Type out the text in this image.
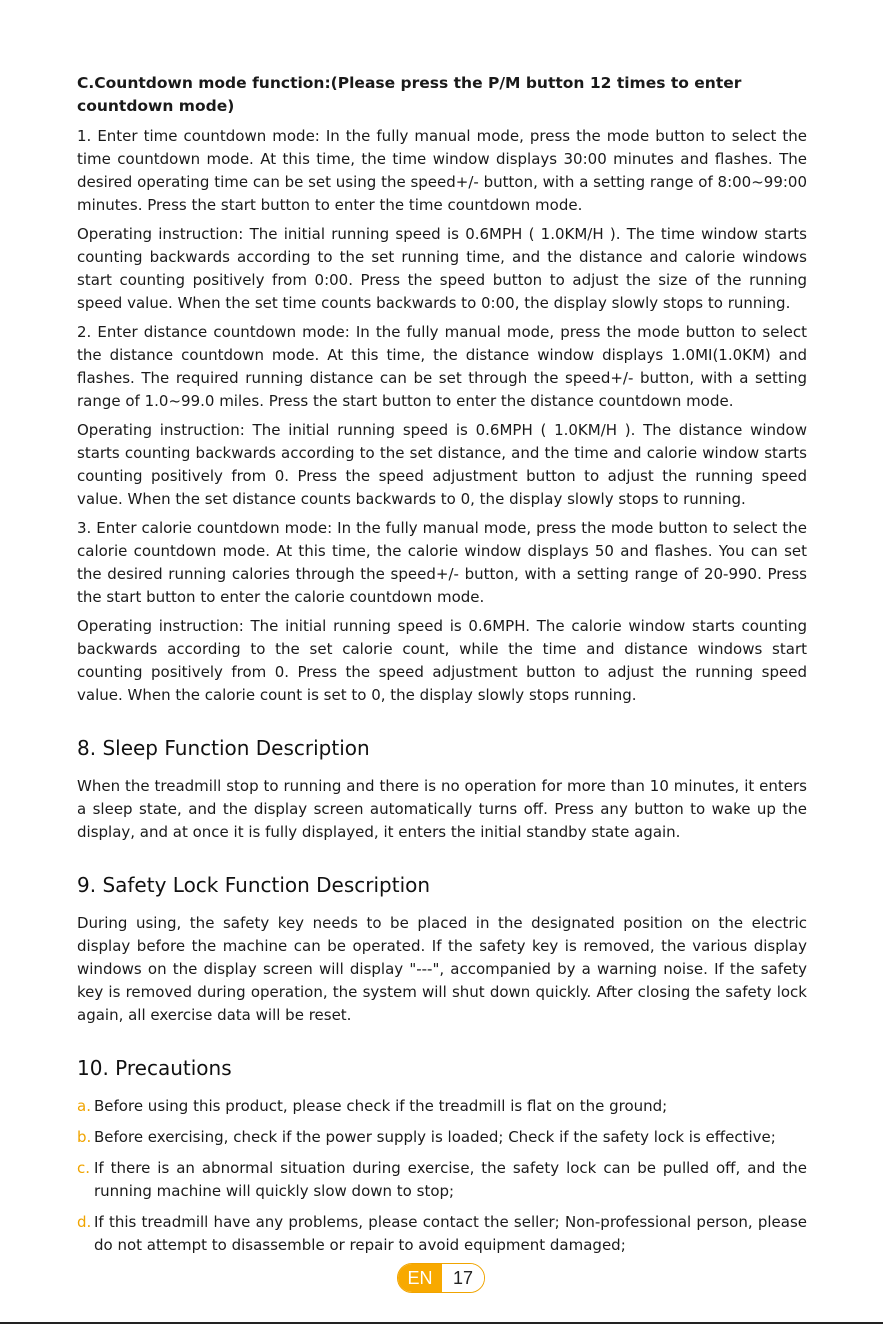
C.Countdown mode function:(Please press the P/M button 12 times to enter countdown mode)

1. Enter time countdown mode: In the fully manual mode, press the mode button to select the time countdown mode. At this time, the time window displays 30:00 minutes and flashes. The desired operating time can be set using the speed+/- button, with a setting range of 8:00~99:00 minutes. Press the start button to enter the time countdown mode.

Operating instruction: The initial running speed is 0.6MPH ( 1.0KM/H ). The time window starts counting backwards according to the set running time, and the distance and calorie windows start counting positively from 0:00. Press the speed button to adjust the size of the running speed value. When the set time counts backwards to 0:00, the display slowly stops to running.

2. Enter distance countdown mode: In the fully manual mode, press the mode button to select the distance countdown mode. At this time, the distance window displays 1.0MI(1.0KM) and flashes. The required running distance can be set through the speed+/- button, with a setting range of 1.0~99.0 miles. Press the start button to enter the distance countdown mode.

Operating instruction: The initial running speed is 0.6MPH ( 1.0KM/H ). The distance window starts counting backwards according to the set distance, and the time and calorie window starts counting positively from 0. Press the speed adjustment button to adjust the running speed value. When the set distance counts backwards to 0, the display slowly stops to running.

3. Enter calorie countdown mode: In the fully manual mode, press the mode button to select the calorie countdown mode. At this time, the calorie window displays 50 and flashes. You can set the desired running calories through the speed+/- button, with a setting range of 20-990. Press the start button to enter the calorie countdown mode.

Operating instruction: The initial running speed is 0.6MPH. The calorie window starts counting backwards according to the set calorie count, while the time and distance windows start counting positively from 0. Press the speed adjustment button to adjust the running speed value. When the calorie count is set to 0, the display slowly stops running.

8. Sleep Function Description

When the treadmill stop to running and there is no operation for more than 10 minutes, it enters a sleep state, and the display screen automatically turns off. Press any button to wake up the display, and at once it is fully displayed, it enters the initial standby state again.

9. Safety Lock Function Description

During using, the safety key needs to be placed in the designated position on the electric display before the machine can be operated. If the safety key is removed, the various display windows on the display screen will display "---", accompanied by a warning noise. If the safety key is removed during operation, the system will shut down quickly. After closing the safety lock again, all exercise data will be reset.

10. Precautions
a. Before using this product, please check if the treadmill is flat on the ground;
b. Before exercising, check if the power supply is loaded; Check if the safety lock is effective;
c. If there is an abnormal situation during exercise, the safety lock can be pulled off, and the running machine will quickly slow down to stop;
d. If this treadmill have any problems, please contact the seller; Non-professional person, please do not attempt to disassemble or repair to avoid equipment damaged;
EN	17
